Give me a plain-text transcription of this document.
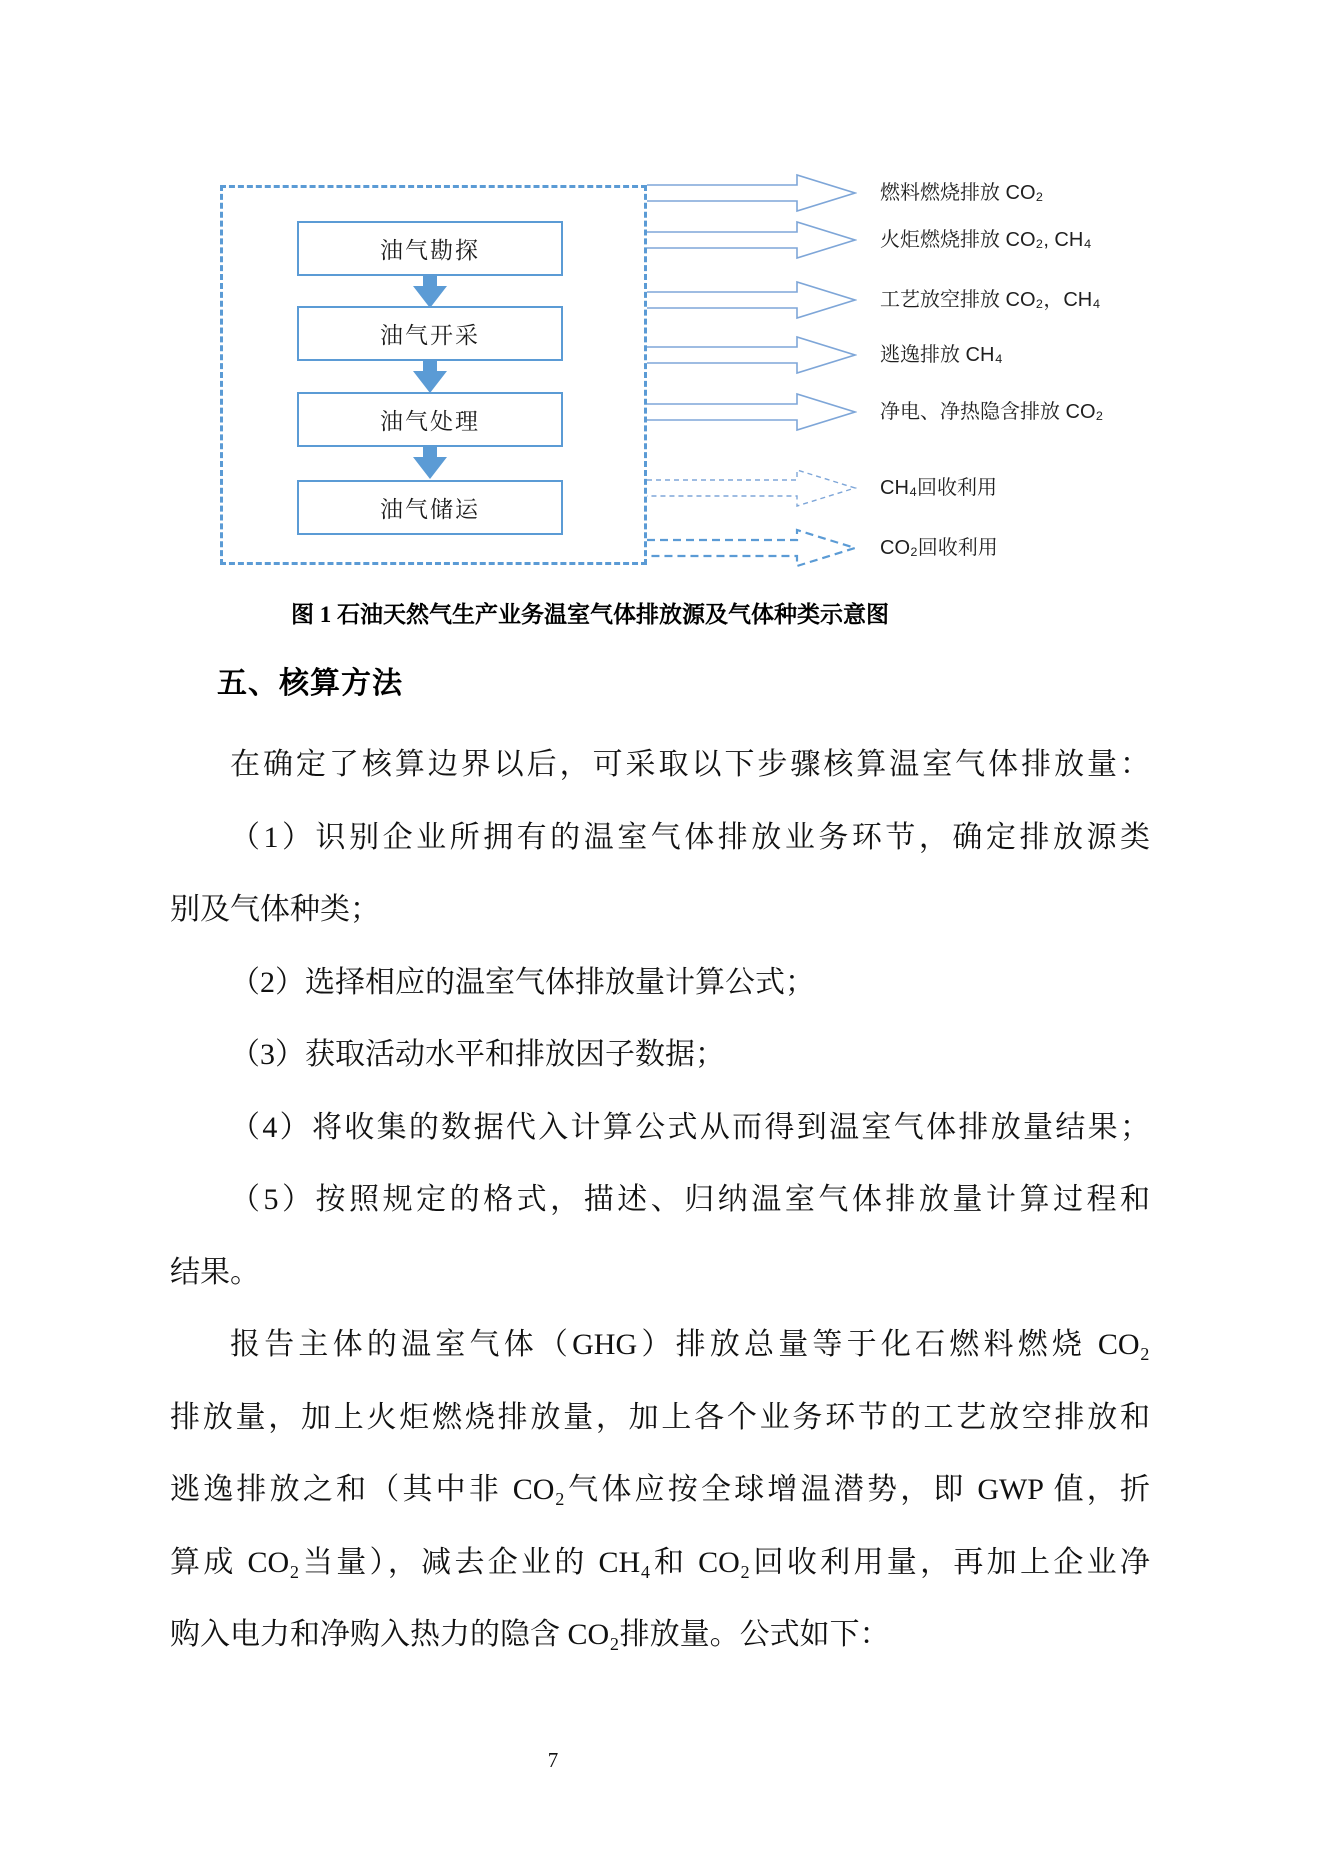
油气勘探
油气开采
油气处理
油气储运
燃料燃烧排放 CO₂
火炬燃烧排放 CO₂, CH₄
工艺放空排放 CO₂，CH₄
逃逸排放 CH₄
净电、净热隐含排放 CO₂
CH₄回收利用
CO₂回收利用
图 1 石油天然气生产业务温室气体排放源及气体种类示意图
五、核算方法
在确定了核算边界以后，可采取以下步骤核算温室气体排放量：
（1）识别企业所拥有的温室气体排放业务环节，确定排放源类
别及气体种类；
（2）选择相应的温室气体排放量计算公式；
（3）获取活动水平和排放因子数据；
（4）将收集的数据代入计算公式从而得到温室气体排放量结果；
（5）按照规定的格式，描述、归纳温室气体排放量计算过程和
结果。
报告主体的温室气体（GHG）排放总量等于化石燃料燃烧 CO₂
排放量，加上火炬燃烧排放量，加上各个业务环节的工艺放空排放和
逃逸排放之和（其中非 CO₂气体应按全球增温潜势，即 GWP 值，折
算成 CO₂当量），减去企业的 CH₄和 CO₂回收利用量，再加上企业净
购入电力和净购入热力的隐含 CO₂排放量。公式如下：
7
